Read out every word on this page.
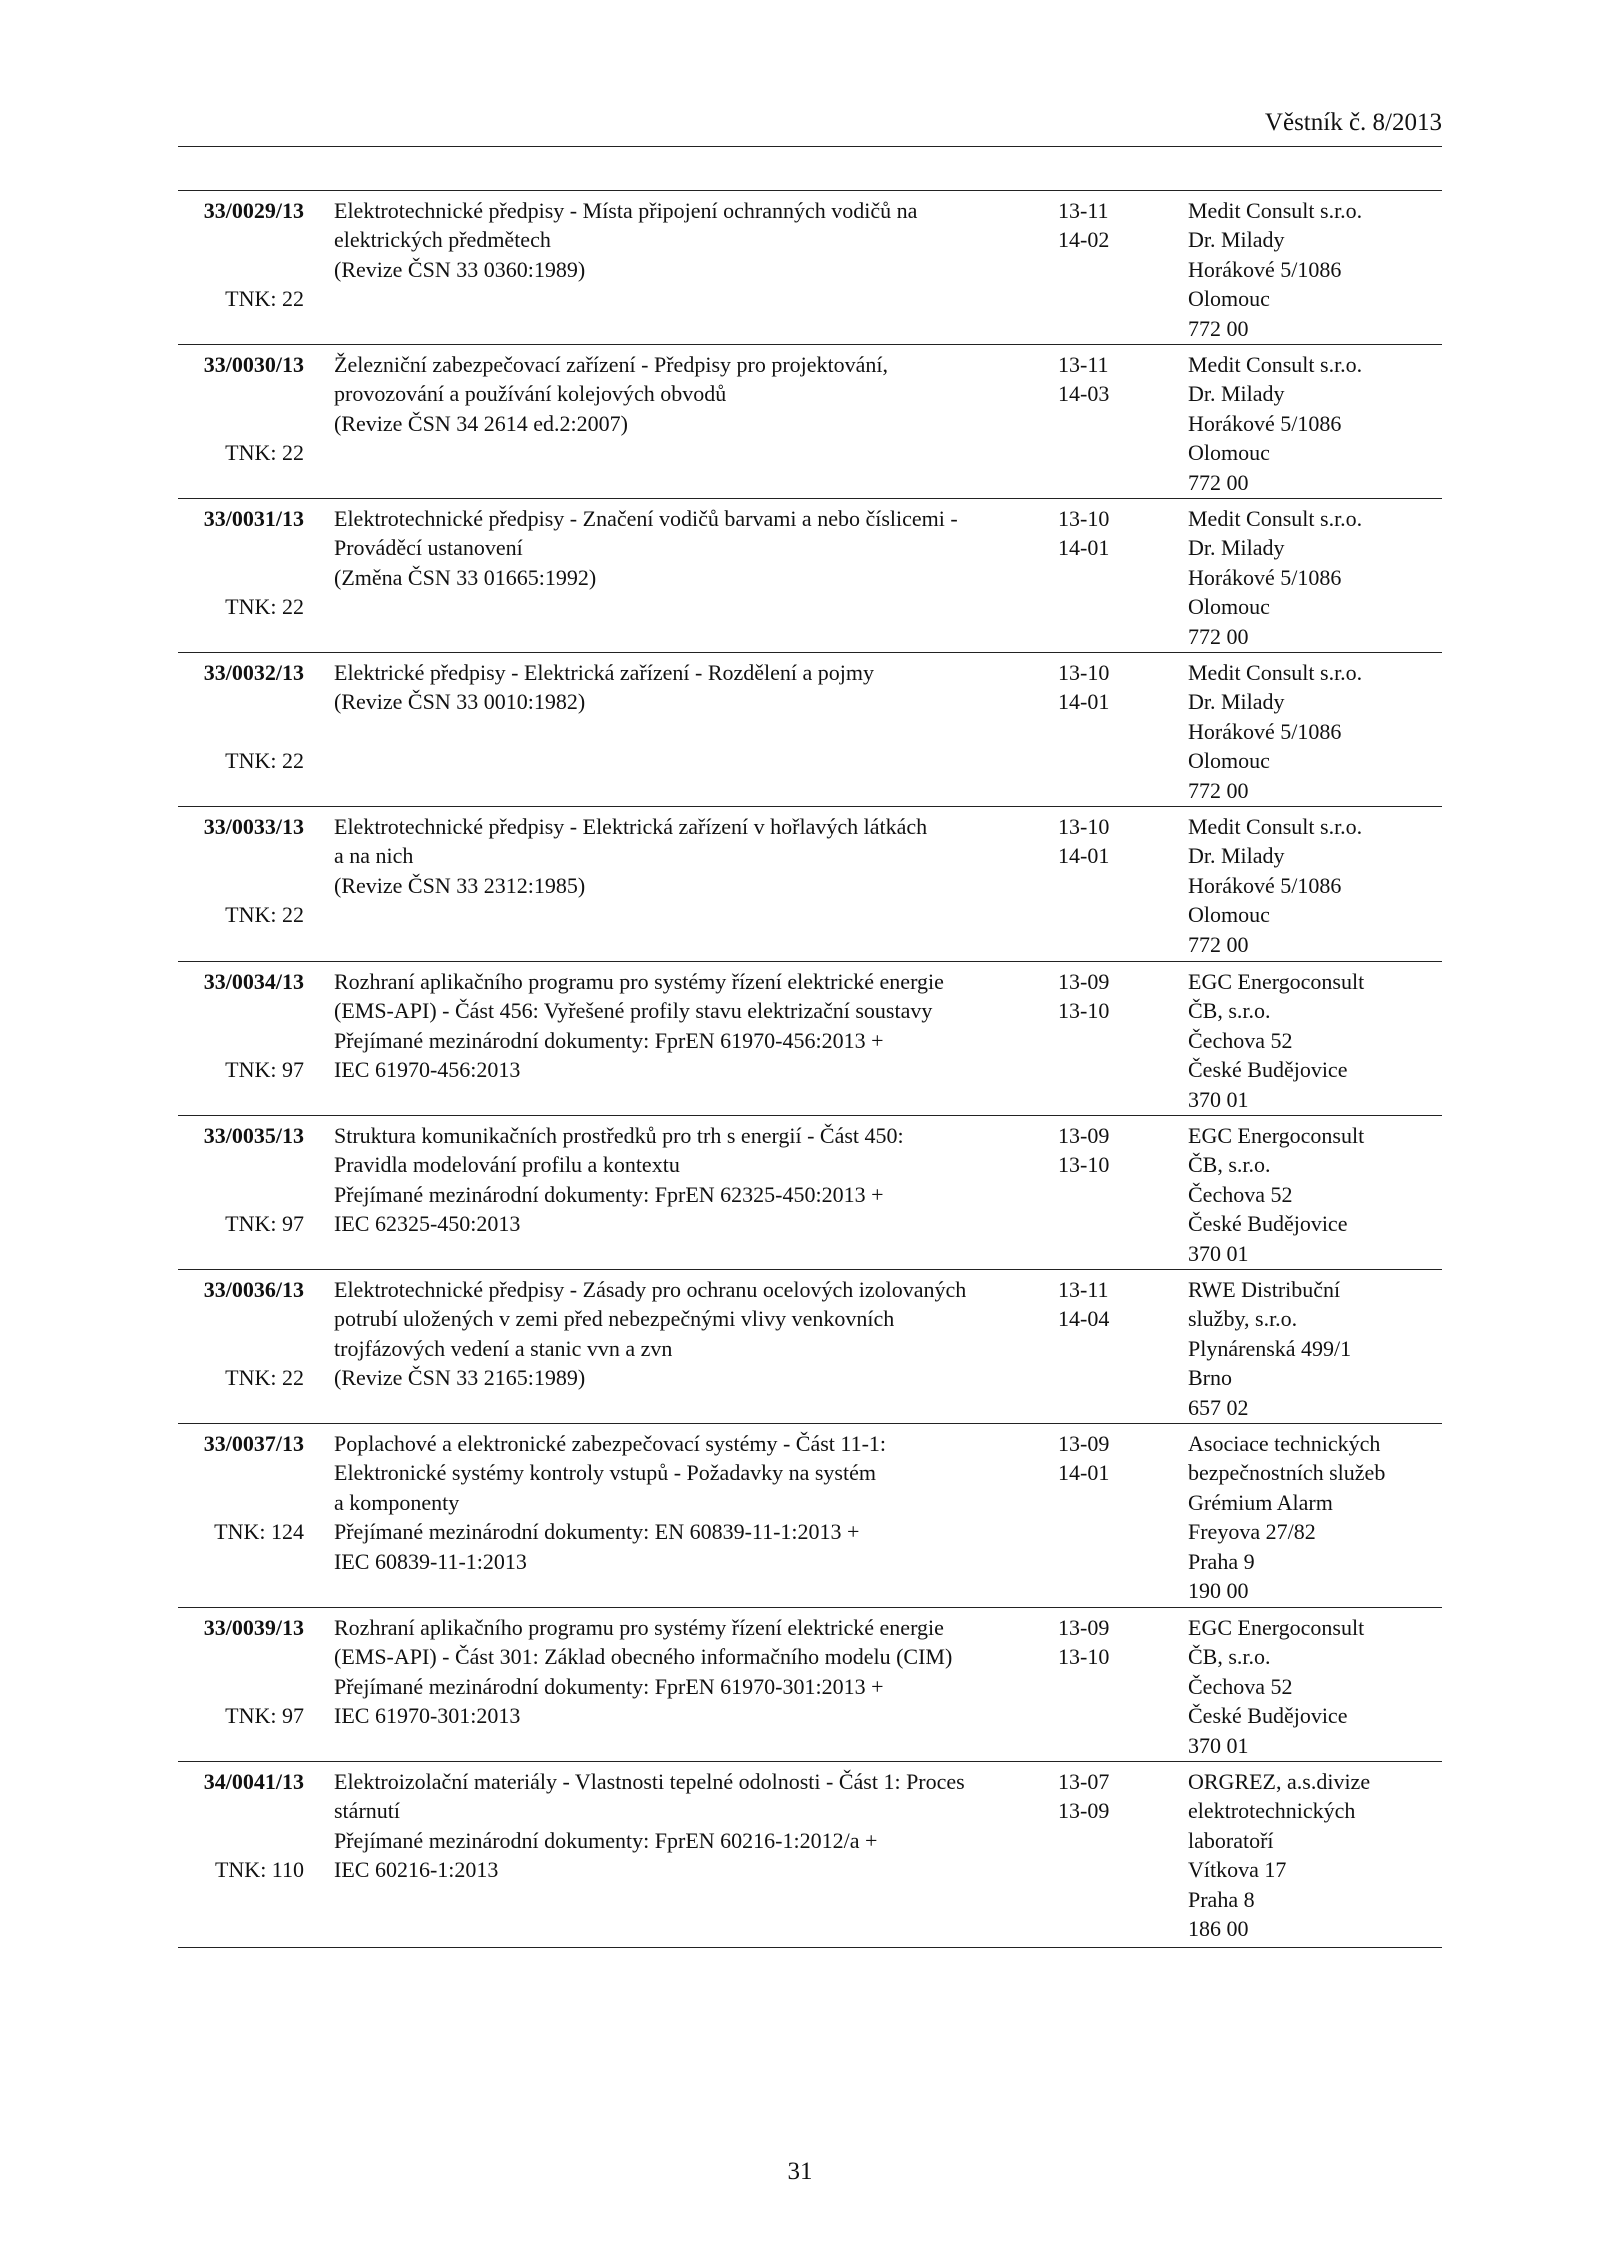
Věstník č. 8/2013
33/0029/13
TNK: 22
Elektrotechnické předpisy - Místa připojení ochranných vodičů na
elektrických předmětech
(Revize ČSN 33 0360:1989)
13-11
14-02
Medit Consult s.r.o.
Dr. Milady
Horákové 5/1086
Olomouc
772 00
33/0030/13
TNK: 22
Železniční zabezpečovací zařízení - Předpisy pro projektování,
provozování a používání kolejových obvodů
(Revize ČSN 34 2614 ed.2:2007)
13-11
14-03
Medit Consult s.r.o.
Dr. Milady
Horákové 5/1086
Olomouc
772 00
33/0031/13
TNK: 22
Elektrotechnické předpisy - Značení vodičů barvami a nebo číslicemi -
Prováděcí ustanovení
(Změna ČSN 33 01665:1992)
13-10
14-01
Medit Consult s.r.o.
Dr. Milady
Horákové 5/1086
Olomouc
772 00
33/0032/13
TNK: 22
Elektrické předpisy - Elektrická zařízení - Rozdělení a pojmy
(Revize ČSN 33 0010:1982)
13-10
14-01
Medit Consult s.r.o.
Dr. Milady
Horákové 5/1086
Olomouc
772 00
33/0033/13
TNK: 22
Elektrotechnické předpisy - Elektrická zařízení v hořlavých látkách
a na nich
(Revize ČSN 33 2312:1985)
13-10
14-01
Medit Consult s.r.o.
Dr. Milady
Horákové 5/1086
Olomouc
772 00
33/0034/13
TNK: 97
Rozhraní aplikačního programu pro systémy řízení elektrické energie
(EMS-API) - Část 456: Vyřešené profily stavu elektrizační soustavy
Přejímané mezinárodní dokumenty: FprEN 61970-456:2013 +
IEC 61970-456:2013
13-09
13-10
EGC Energoconsult
ČB, s.r.o.
Čechova 52
České Budějovice
370 01
33/0035/13
TNK: 97
Struktura komunikačních prostředků pro trh s energií - Část 450:
Pravidla modelování profilu a kontextu
Přejímané mezinárodní dokumenty: FprEN 62325-450:2013 +
IEC 62325-450:2013
13-09
13-10
EGC Energoconsult
ČB, s.r.o.
Čechova 52
České Budějovice
370 01
33/0036/13
TNK: 22
Elektrotechnické předpisy - Zásady pro ochranu ocelových izolovaných
potrubí uložených v zemi před nebezpečnými vlivy venkovních
trojfázových vedení a stanic vvn a zvn
(Revize ČSN 33 2165:1989)
13-11
14-04
RWE Distribuční
služby, s.r.o.
Plynárenská 499/1
Brno
657 02
33/0037/13
TNK: 124
Poplachové a elektronické zabezpečovací systémy - Část 11-1:
Elektronické systémy kontroly vstupů - Požadavky na systém
a komponenty
Přejímané mezinárodní dokumenty: EN 60839-11-1:2013 +
IEC 60839-11-1:2013
13-09
14-01
Asociace technických
bezpečnostních služeb
Grémium Alarm
Freyova 27/82
Praha 9
190 00
33/0039/13
TNK: 97
Rozhraní aplikačního programu pro systémy řízení elektrické energie
(EMS-API) - Část 301: Základ obecného informačního modelu (CIM)
Přejímané mezinárodní dokumenty: FprEN 61970-301:2013 +
IEC 61970-301:2013
13-09
13-10
EGC Energoconsult
ČB, s.r.o.
Čechova 52
České Budějovice
370 01
34/0041/13
TNK: 110
Elektroizolační materiály - Vlastnosti tepelné odolnosti - Část 1: Proces
stárnutí
Přejímané mezinárodní dokumenty: FprEN 60216-1:2012/a +
IEC 60216-1:2013
13-07
13-09
ORGREZ, a.s.divize
elektrotechnických
laboratoří
Vítkova 17
Praha 8
186 00
31
